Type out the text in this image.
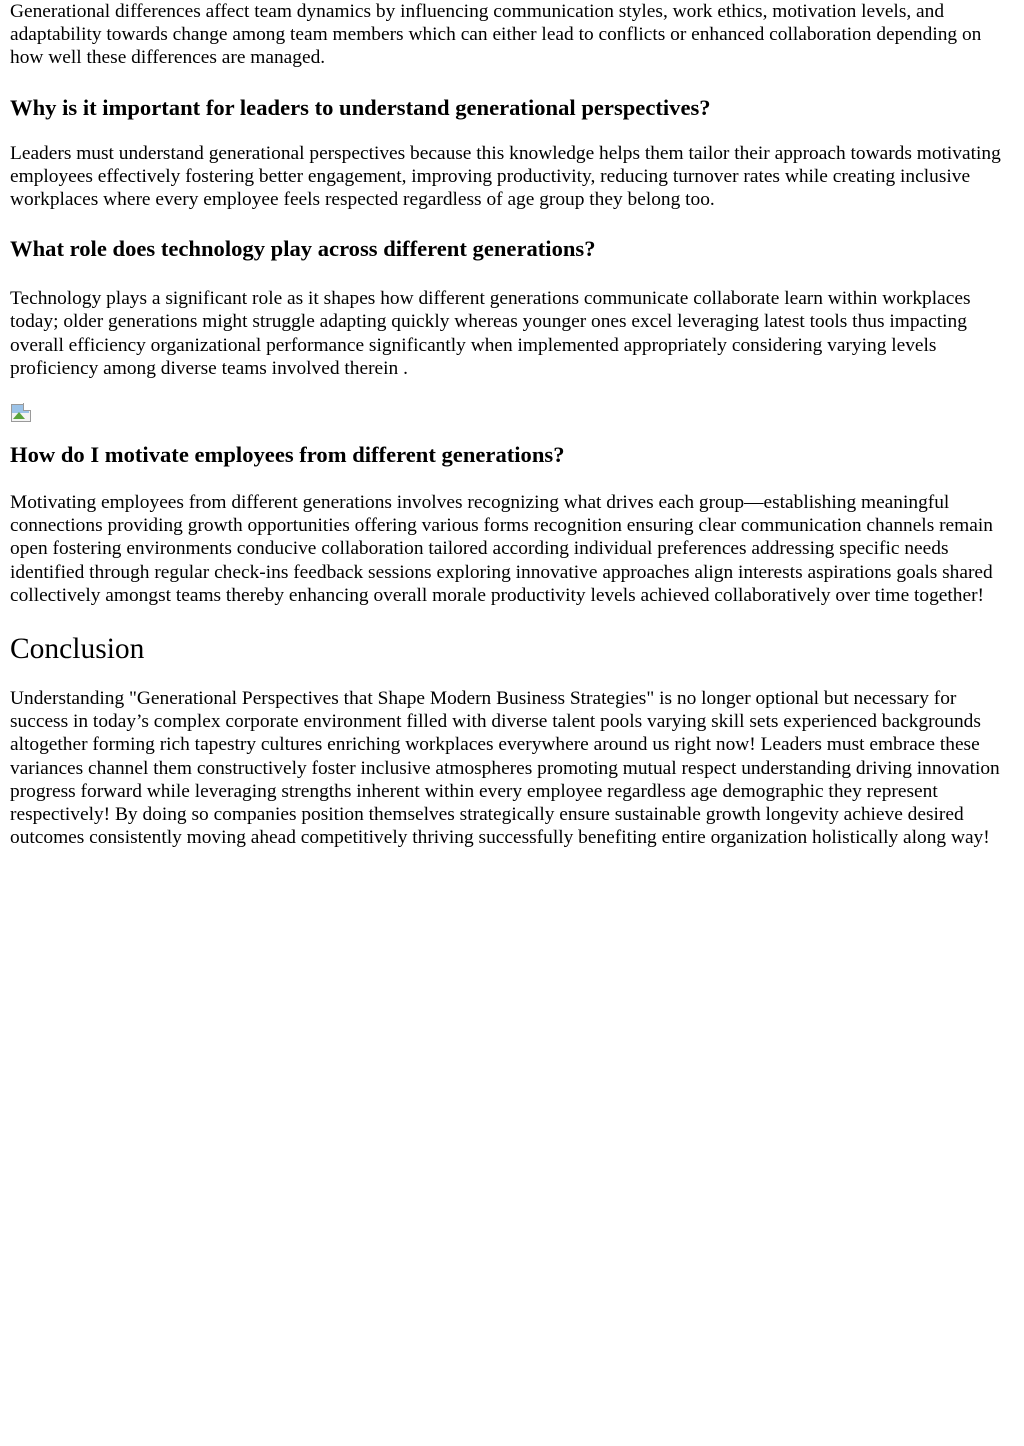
Generational differences affect team dynamics by influencing communication styles, work ethics, motivation levels, and adaptability towards change among team members which can either lead to conflicts or enhanced collaboration depending on how well these differences are managed.

Why is it important for leaders to understand generational perspectives?

Leaders must understand generational perspectives because this knowledge helps them tailor their approach towards motivating employees effectively fostering better engagement, improving productivity, reducing turnover rates while creating inclusive workplaces where every employee feels respected regardless of age group they belong too.

What role does technology play across different generations?

Technology plays a significant role as it shapes how different generations communicate collaborate learn within workplaces today; older generations might struggle adapting quickly whereas younger ones excel leveraging latest tools thus impacting overall efficiency organizational performance significantly when implemented appropriately considering varying levels proficiency among diverse teams involved therein .

How do I motivate employees from different generations?

Motivating employees from different generations involves recognizing what drives each group—establishing meaningful connections providing growth opportunities offering various forms recognition ensuring clear communication channels remain open fostering environments conducive collaboration tailored according individual preferences addressing specific needs identified through regular check-ins feedback sessions exploring innovative approaches align interests aspirations goals shared collectively amongst teams thereby enhancing overall morale productivity levels achieved collaboratively over time together!

Conclusion

Understanding "Generational Perspectives that Shape Modern Business Strategies" is no longer optional but necessary for success in today’s complex corporate environment filled with diverse talent pools varying skill sets experienced backgrounds altogether forming rich tapestry cultures enriching workplaces everywhere around us right now! Leaders must embrace these variances channel them constructively foster inclusive atmospheres promoting mutual respect understanding driving innovation progress forward while leveraging strengths inherent within every employee regardless age demographic they represent respectively! By doing so companies position themselves strategically ensure sustainable growth longevity achieve desired outcomes consistently moving ahead competitively thriving successfully benefiting entire organization holistically along way!
